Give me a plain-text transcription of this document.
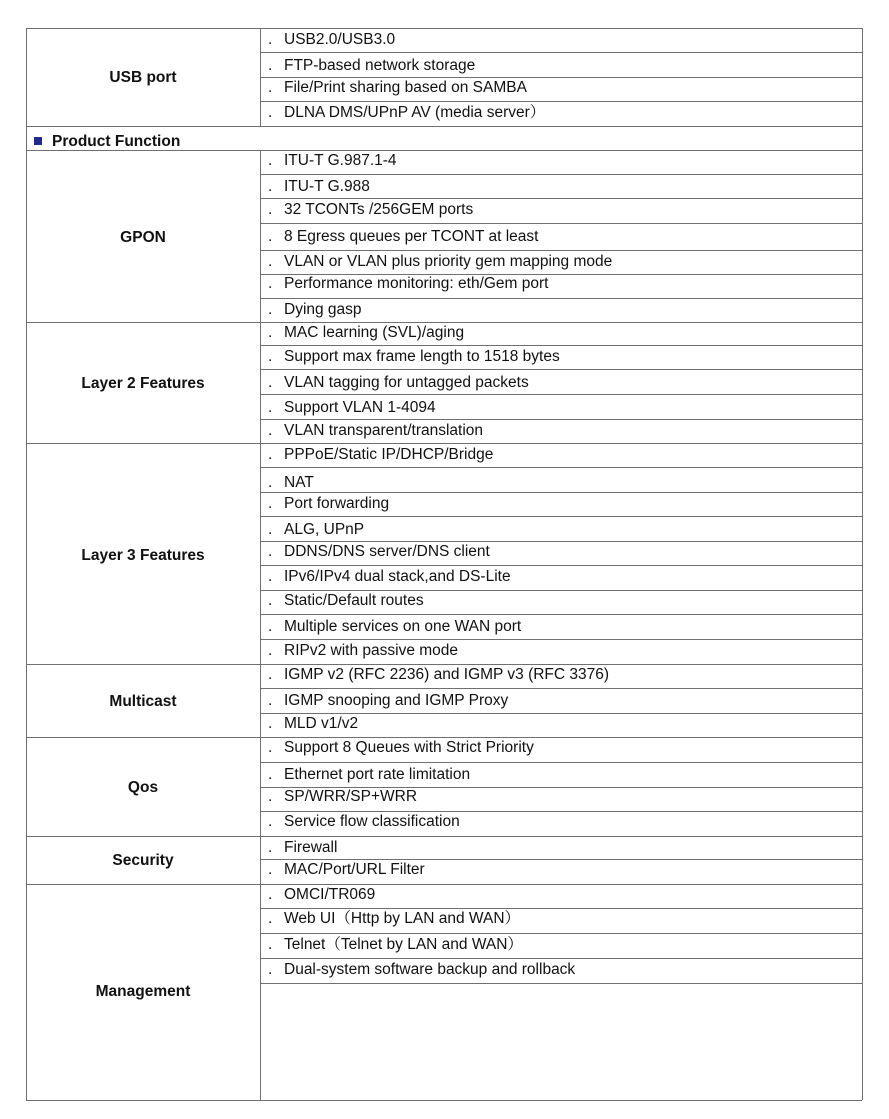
USB port
. USB2.0/USB3.0
. FTP-based network storage
. File/Print sharing based on SAMBA
. DLNA DMS/UPnP AV (media server）
Product Function
GPON
. ITU-T G.987.1-4
. ITU-T G.988
. 32 TCONTs /256GEM ports
. 8 Egress queues per TCONT at least
. VLAN or VLAN plus priority gem mapping mode
. Performance monitoring: eth/Gem port
. Dying gasp
Layer 2 Features
. MAC learning (SVL)/aging
. Support max frame length to 1518 bytes
. VLAN tagging for untagged packets
. Support VLAN 1-4094
. VLAN transparent/translation
Layer 3 Features
. PPPoE/Static IP/DHCP/Bridge
. NAT
. Port forwarding
. ALG, UPnP
. DDNS/DNS server/DNS client
. IPv6/IPv4 dual stack,and DS-Lite
. Static/Default routes
. Multiple services on one WAN port
. RIPv2 with passive mode
Multicast
. IGMP v2 (RFC 2236) and IGMP v3 (RFC 3376)
. IGMP snooping and IGMP Proxy
. MLD v1/v2
Qos
. Support 8 Queues with Strict Priority
. Ethernet port rate limitation
. SP/WRR/SP+WRR
. Service flow classification
Security
. Firewall
. MAC/Port/URL Filter
Management
. OMCI/TR069
. Web UI（Http by LAN and WAN）
. Telnet（Telnet by LAN and WAN）
. Dual-system software backup and rollback
